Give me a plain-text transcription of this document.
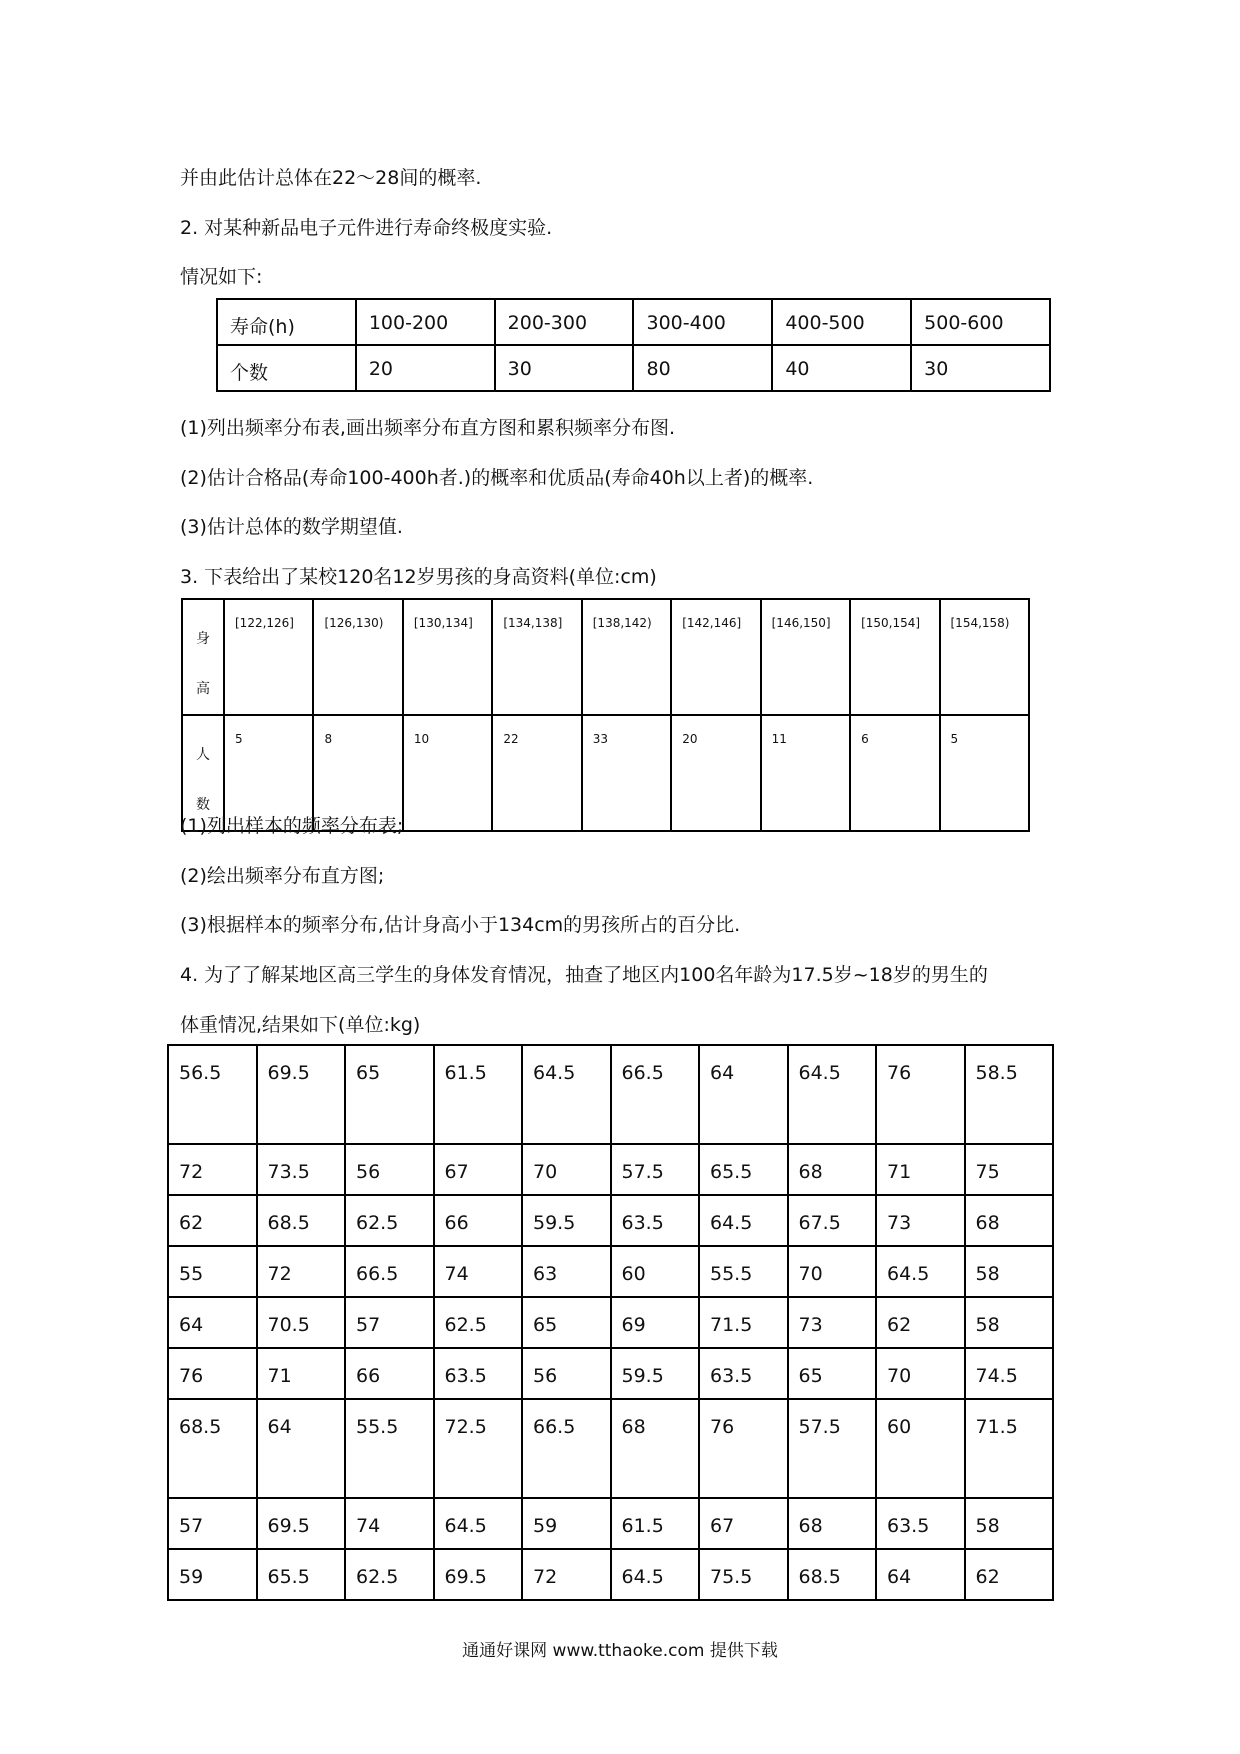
并由此估计总体在22～28间的概率.
2. 对某种新品电子元件进行寿命终极度实验.
情况如下:
寿命(h)	100-200	200-300	300-400	400-500	500-600
个数	20	30	80	40	30
(1)列出频率分布表,画出频率分布直方图和累积频率分布图.
(2)估计合格品(寿命100-400h者.)的概率和优质品(寿命40h以上者)的概率.
(3)估计总体的数学期望值.
3. 下表给出了某校120名12岁男孩的身高资料(单位:cm)
身
高	[122,126]	[126,130)	[130,134]	[134,138]	[138,142)	[142,146]	[146,150]	[150,154]	[154,158)
人
数	5	8	10	22	33	20	11	6	5
(1)列出样本的频率分布表;
(2)绘出频率分布直方图;
(3)根据样本的频率分布,估计身高小于134cm的男孩所占的百分比.
4. 为了了解某地区高三学生的身体发育情况，抽查了地区内100名年龄为17.5岁~18岁的男生的
体重情况,结果如下(单位:kg)
56.5	69.5	65	61.5	64.5	66.5	64	64.5	76	58.5
72	73.5	56	67	70	57.5	65.5	68	71	75
62	68.5	62.5	66	59.5	63.5	64.5	67.5	73	68
55	72	66.5	74	63	60	55.5	70	64.5	58
64	70.5	57	62.5	65	69	71.5	73	62	58
76	71	66	63.5	56	59.5	63.5	65	70	74.5
68.5	64	55.5	72.5	66.5	68	76	57.5	60	71.5
57	69.5	74	64.5	59	61.5	67	68	63.5	58
59	65.5	62.5	69.5	72	64.5	75.5	68.5	64	62
通通好课网 www.tthaoke.com 提供下载
